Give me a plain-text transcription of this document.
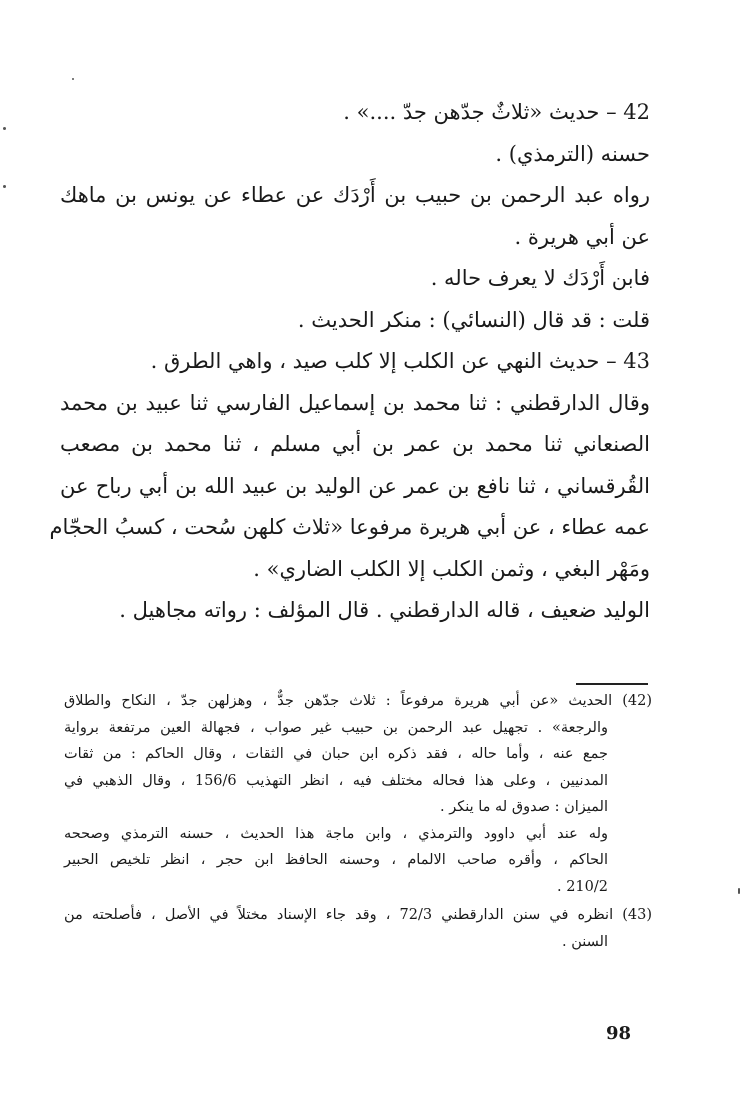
42 – حديث «ثلاثٌ جدّهن جدّ ....» .
حسنه (الترمذي) .
رواه عبد الرحمن بن حبيب بن أَرْدَك عن عطاء عن يونس بن ماهك
عن أبي هريرة .
فابن أَرْدَك لا يعرف حاله .
قلت : قد قال (النسائي) : منكر الحديث .
43 – حديث النهي عن الكلب إلا كلب صيد ، واهي الطرق .
وقال الدارقطني : ثنا محمد بن إسماعيل الفارسي ثنا عبيد بن محمد
الصنعاني ثنا محمد بن عمر بن أبي مسلم ، ثنا محمد بن مصعب
القُرقساني ، ثنا نافع بن عمر عن الوليد بن عبيد الله بن أبي رباح عن
عمه عطاء ، عن أبي هريرة مرفوعا «ثلاث كلهن سُحت ، كسبُ الحجّام
ومَهْر البغي ، وثمن الكلب إلا الكلب الضاري» .
الوليد ضعيف ، قاله الدارقطني . قال المؤلف : رواته مجاهيل .
(42) الحديث «عن أبي هريرة مرفوعاً : ثلاث جدّهن جدٌّ ، وهزلهن جدّ ، النكاح والطلاق
والرجعة» . تجهيل عبد الرحمن بن حبيب غير صواب ، فجهالة العين مرتفعة برواية
جمع عنه ، وأما حاله ، فقد ذكره ابن حبان في الثقات ، وقال الحاكم : من ثقات
المدنيين ، وعلى هذا فحاله مختلف فيه ، انظر التهذيب 156/6 ، وقال الذهبي في
الميزان : صدوق له ما ينكر .
وله عند أبي داوود والترمذي ، وابن ماجة هذا الحديث ، حسنه الترمذي وصححه
الحاكم ، وأقره صاحب الالمام ، وحسنه الحافظ ابن حجر ، انظر تلخيص الحبير
210/2 .
(43) انظره في سنن الدارقطني 72/3 ، وقد جاء الإسناد مختلاً في الأصل ، فأصلحته من
السنن .
98
